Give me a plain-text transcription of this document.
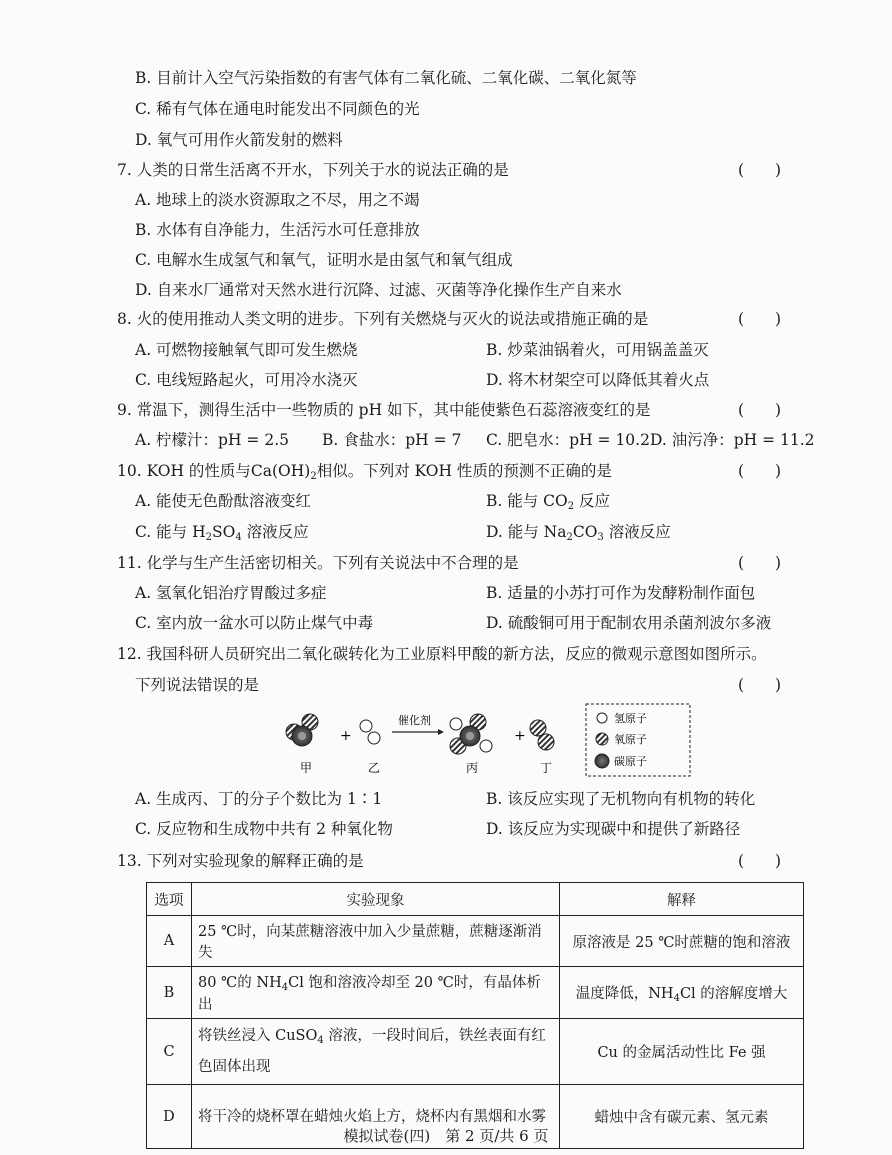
B. 目前计入空气污染指数的有害气体有二氧化硫、二氧化碳、二氧化氮等
C. 稀有气体在通电时能发出不同颜色的光
D. 氧气可用作火箭发射的燃料
7. 人类的日常生活离不开水，下列关于水的说法正确的是	(　　)
A. 地球上的淡水资源取之不尽，用之不竭
B. 水体有自净能力，生活污水可任意排放
C. 电解水生成氢气和氧气，证明水是由氢气和氧气组成
D. 自来水厂通常对天然水进行沉降、过滤、灭菌等净化操作生产自来水
8. 火的使用推动人类文明的进步。下列有关燃烧与灭火的说法或措施正确的是	(　　)
A. 可燃物接触氧气即可发生燃烧	B. 炒菜油锅着火，可用锅盖盖灭
C. 电线短路起火，可用冷水浇灭	D. 将木材架空可以降低其着火点
9. 常温下，测得生活中一些物质的 pH 如下，其中能使紫色石蕊溶液变红的是	(　　)
A. 柠檬汁：pH = 2.5 B. 食盐水：pH = 7 C. 肥皂水：pH = 10.2 D. 油污净：pH = 11.2
10. KOH 的性质与$Ca(OH)_2$相似。下列对 KOH 性质的预测不正确的是	(　　)
A. 能使无色酚酞溶液变红	B. 能与 $CO_2$ 反应
C. 能与 $H_2SO_4$ 溶液反应	D. 能与 $Na_2CO_3$ 溶液反应
11. 化学与生产生活密切相关。下列有关说法中不合理的是	(　　)
A. 氢氧化铝治疗胃酸过多症	B. 适量的小苏打可作为发酵粉制作面包
C. 室内放一盆水可以防止煤气中毒	D. 硫酸铜可用于配制农用杀菌剂波尔多液
12. 我国科研人员研究出二氧化碳转化为工业原料甲酸的新方法，反应的微观示意图如图所示。
下列说法错误的是	(　　)
+
催化剂
+
甲	乙	丙	丁
氢原子
氧原子
碳原子
A. 生成丙、丁的分子个数比为 1∶1	B. 该反应实现了无机物向有机物的转化
C. 反应物和生成物中共有 2 种氧化物	D. 该反应为实现碳中和提供了新路径
13. 下列对实验现象的解释正确的是	(　　)
选项	实验现象	解释
A	25 ℃时，向某蔗糖溶液中加入少量蔗糖，蔗糖逐渐消失	原溶液是 25 ℃时蔗糖的饱和溶液
B	80 ℃的 $NH_4Cl$ 饱和溶液冷却至 20 ℃时，有晶体析出	温度降低，$NH_4Cl$ 的溶解度增大
C	将铁丝浸入 CuSO$_4$ 溶液，一段时间后，铁丝表面有红色固体出现	Cu 的金属活动性比 Fe 强
D	将干冷的烧杯罩在蜡烛火焰上方，烧杯内有黑烟和水雾	蜡烛中含有碳元素、氢元素
模拟试卷(四)　第 2 页/共 6 页
